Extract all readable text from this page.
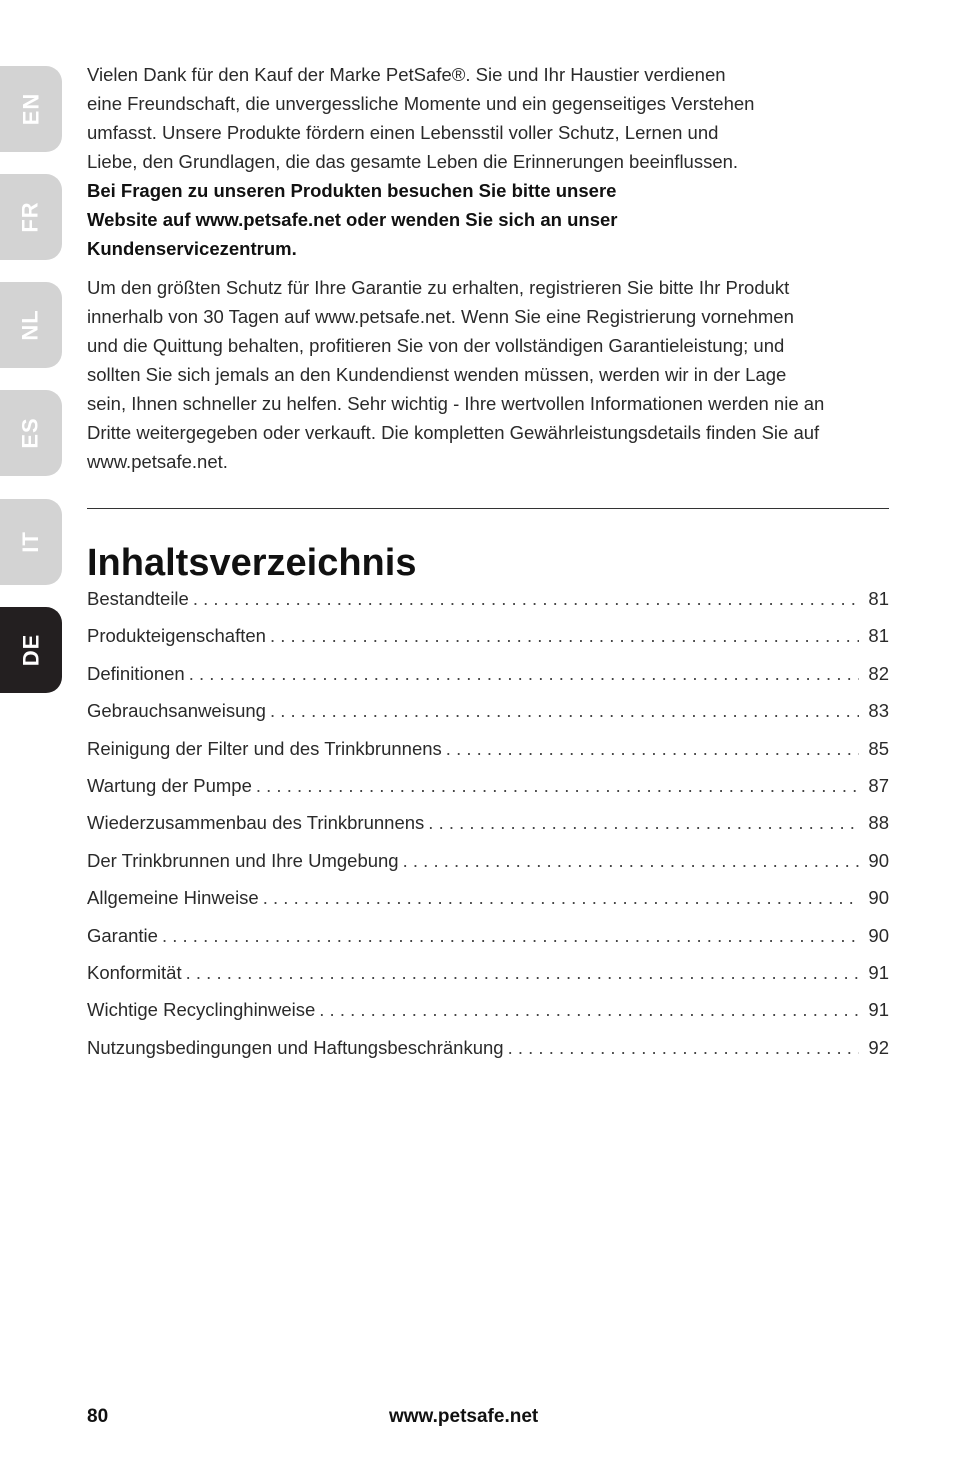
EN
FR
NL
ES
IT
DE

Vielen Dank für den Kauf der Marke PetSafe®. Sie und Ihr Haustier verdienen
eine Freundschaft, die unvergessliche Momente und ein gegenseitiges Verstehen
umfasst. Unsere Produkte fördern einen Lebensstil voller Schutz, Lernen und
Liebe, den Grundlagen, die das gesamte Leben die Erinnerungen beeinflussen.

Bei Fragen zu unseren Produkten besuchen Sie bitte unsere
Website auf www.petsafe.net oder wenden Sie sich an unser
Kundenservicezentrum.

Um den größten Schutz für Ihre Garantie zu erhalten, registrieren Sie bitte Ihr Produkt
innerhalb von 30 Tagen auf www.petsafe.net. Wenn Sie eine Registrierung vornehmen
und die Quittung behalten, profitieren Sie von der vollständigen Garantieleistung; und
sollten Sie sich jemals an den Kundendienst wenden müssen, werden wir in der Lage
sein, Ihnen schneller zu helfen. Sehr wichtig - Ihre wertvollen Informationen werden nie an
Dritte weitergegeben oder verkauft. Die kompletten Gewährleistungsdetails finden Sie auf
www.petsafe.net.

Inhaltsverzeichnis
Bestandteile . . .	81
Produkteigenschaften . . .	81
Definitionen . . .	82
Gebrauchsanweisung . . .	83
Reinigung der Filter und des Trinkbrunnens . . .	85
Wartung der Pumpe . . .	87
Wiederzusammenbau des Trinkbrunnens . . .	88
Der Trinkbrunnen und Ihre Umgebung . . .	90
Allgemeine Hinweise . . .	90
Garantie . . .	90
Konformität . . .	91
Wichtige Recyclinghinweise . . .	91
Nutzungsbedingungen und Haftungsbeschränkung . . .	92
80	www.petsafe.net
